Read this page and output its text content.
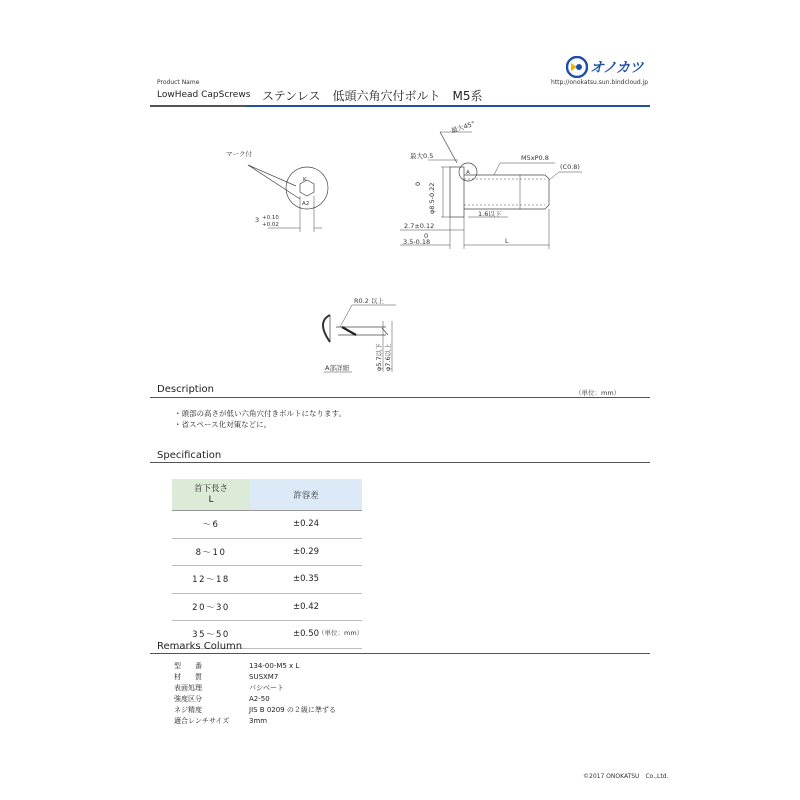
Product Name
LowHead CapScrews ステンレス　低頭六角穴付ボルト　M5系
オノカツ
http://onokatsu.sun.bindcloud.jp
マーク付
K
A2
3 +0.10
+0.02
最大45°
最大0.5
A
M5xP0.8
(C0.8)
0 φ8.5-0.22	1.6以下
2.7±0.12
0
3.5-0.18	L
R0.2 以上
φ5.7以下 φ7.6以上
A部詳細
Description	（単位：mm）
・頭部の高さが低い六角穴付きボルトになります。
・省スペース化対策などに。
Specification
首下長さ
L	許容差
～6	±0.24
8～10	±0.29
12～18	±0.35
20～30	±0.42
35～50	±0.50
（単位：mm）
Remarks Column
型　　番	134-00-M5 x L
材　　質	SUSXM7
表面処理	パシベート
強度区分	A2-50
ネジ精度	JIS B 0209 の２級に準ずる
適合レンチサイズ	3mm
©2017 ONOKATSU　Co.,Ltd.
